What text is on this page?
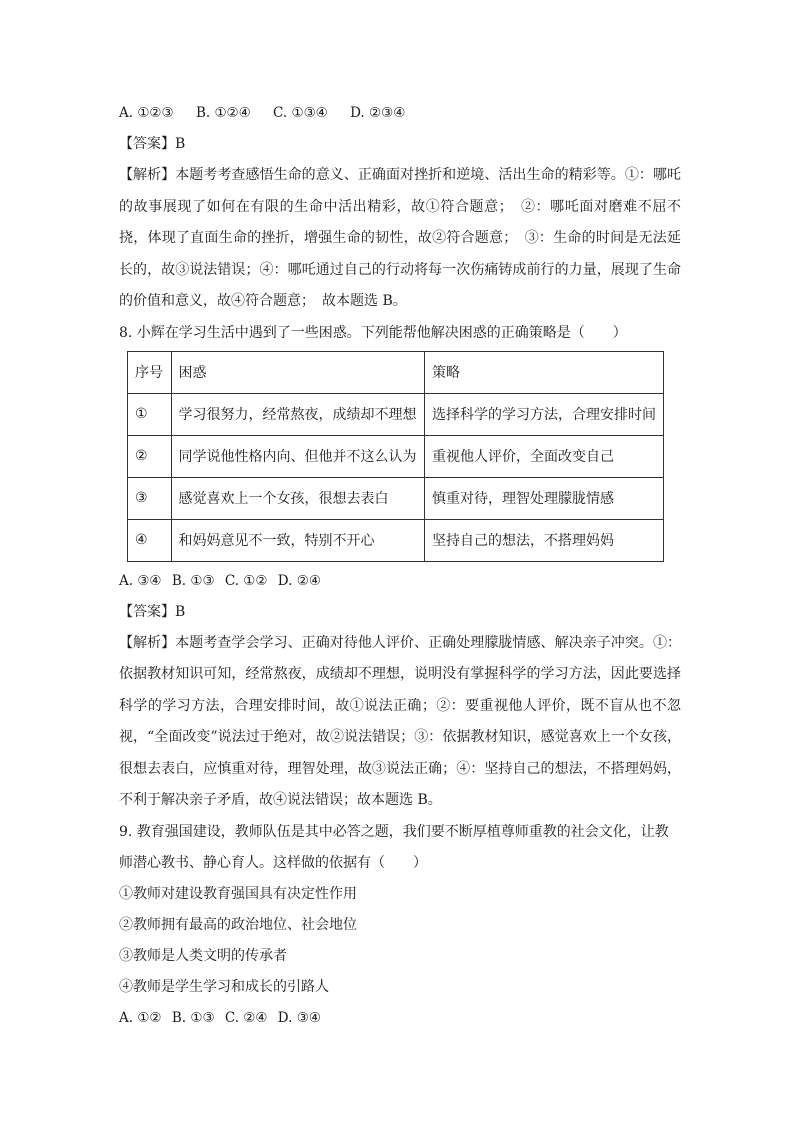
A. ①②③ B. ①②④ C. ①③④ D. ②③④
【答案】B

【解析】本题考考查感悟生命的意义、正确面对挫折和逆境、活出生命的精彩等。①：哪吒的故事展现了如何在有限的生命中活出精彩，故①符合题意；　②：哪吒面对磨难不屈不挠，体现了直面生命的挫折，增强生命的韧性，故②符合题意；　③：生命的时间是无法延长的，故③说法错误；④：哪吒通过自己的行动将每一次伤痛铸成前行的力量，展现了生命的价值和意义，故④符合题意；　故本题选 B。

8. 小辉在学习生活中遇到了一些困惑。下列能帮他解决困惑的正确策略是（　　）

序号	困惑	策略
①	学习很努力，经常熬夜，成绩却不理想	选择科学的学习方法，合理安排时间
②	同学说他性格内向、但他并不这么认为	重视他人评价，全面改变自己
③	感觉喜欢上一个女孩，很想去表白	慎重对待，理智处理朦胧情感
④	和妈妈意见不一致，特别不开心	坚持自己的想法，不搭理妈妈
A. ③④ B. ①③ C. ①② D. ②④
【答案】B

【解析】本题考查学会学习、正确对待他人评价、正确处理朦胧情感、解决亲子冲突。①：依据教材知识可知，经常熬夜，成绩却不理想，说明没有掌握科学的学习方法，因此要选择科学的学习方法，合理安排时间，故①说法正确；②：要重视他人评价，既不盲从也不忽视，“全面改变”说法过于绝对，故②说法错误；③：依据教材知识，感觉喜欢上一个女孩，很想去表白，应慎重对待，理智处理，故③说法正确；④：坚持自己的想法，不搭理妈妈，不利于解决亲子矛盾，故④说法错误；故本题选 B。

9. 教育强国建设，教师队伍是其中必答之题，我们要不断厚植尊师重教的社会文化，让教

师潜心教书、静心育人。这样做的依据有（　　）

①教师对建设教育强国具有决定性作用
②教师拥有最高的政治地位、社会地位
③教师是人类文明的传承者
④教师是学生学习和成长的引路人
A. ①② B. ①③ C. ②④ D. ③④
